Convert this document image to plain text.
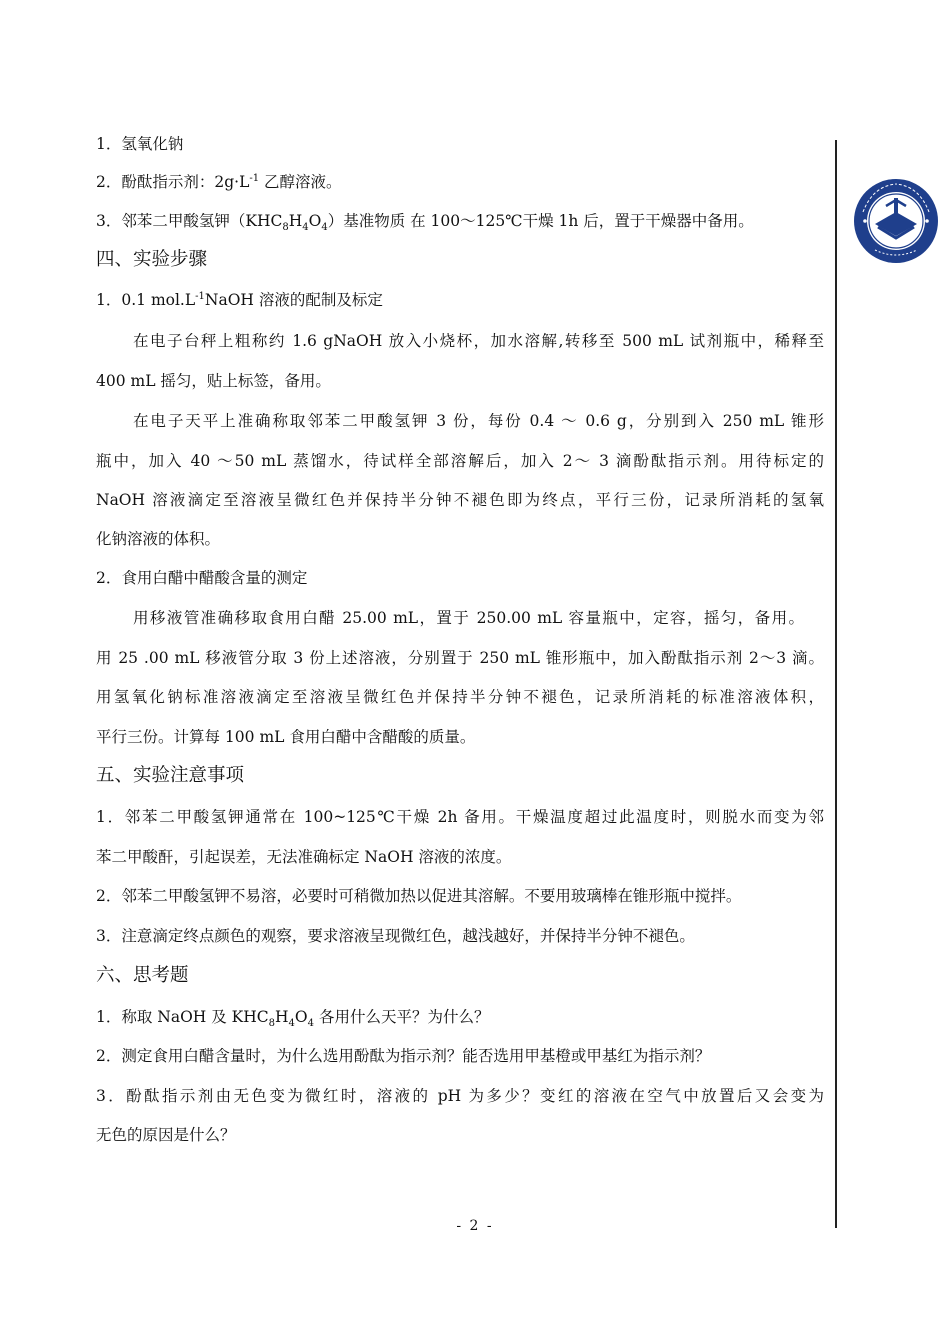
1．氢氧化钠
2．酚酞指示剂：$2g\cdot L^{-1}$ 乙醇溶液。
3．邻苯二甲酸氢钾$(KHC_8H_4O_4)$基准物质 在 100～125℃干燥 1h 后，置于干燥器中备用。
四、实验步骤
1．0.1 $mol.L^{-1}NaOH$ 溶液的配制及标定
在电子台秤上粗称约 1.6 gNaOH 放入小烧杯，加水溶解,转移至 500 mL 试剂瓶中，稀释至
400 mL 摇匀，贴上标签，备用。
在电子天平上准确称取邻苯二甲酸氢钾 3 份，每份 0.4 ～ 0.6 g，分别到入 250 mL 锥形
瓶中，加入 40 ～50 mL 蒸馏水，待试样全部溶解后，加入 2～ 3 滴酚酞指示剂。用待标定的
NaOH 溶液滴定至溶液呈微红色并保持半分钟不褪色即为终点，平行三份，记录所消耗的氢氧
化钠溶液的体积。
2．食用白醋中醋酸含量的测定
用移液管准确移取食用白醋 25.00 mL，置于 250.00 mL 容量瓶中，定容，摇匀，备用。
用 25 .00 mL 移液管分取 3 份上述溶液，分别置于 250 mL 锥形瓶中，加入酚酞指示剂 2～3 滴。
用氢氧化钠标准溶液滴定至溶液呈微红色并保持半分钟不褪色，记录所消耗的标准溶液体积，
平行三份。计算每 100 mL 食用白醋中含醋酸的质量。
五、实验注意事项
1．邻苯二甲酸氢钾通常在 100~125℃干燥 2h 备用。干燥温度超过此温度时，则脱水而变为邻
苯二甲酸酐，引起误差，无法准确标定 NaOH 溶液的浓度。
2．邻苯二甲酸氢钾不易溶，必要时可稍微加热以促进其溶解。不要用玻璃棒在锥形瓶中搅拌。
3．注意滴定终点颜色的观察，要求溶液呈现微红色，越浅越好，并保持半分钟不褪色。
六、思考题
1．称取 NaOH 及 $KHC_8H_4O_4$ 各用什么天平？为什么？
2．测定食用白醋含量时，为什么选用酚酞为指示剂？能否选用甲基橙或甲基红为指示剂？
3．酚酞指示剂由无色变为微红时，溶液的 pH 为多少？变红的溶液在空气中放置后又会变为
无色的原因是什么？
- 2 -
